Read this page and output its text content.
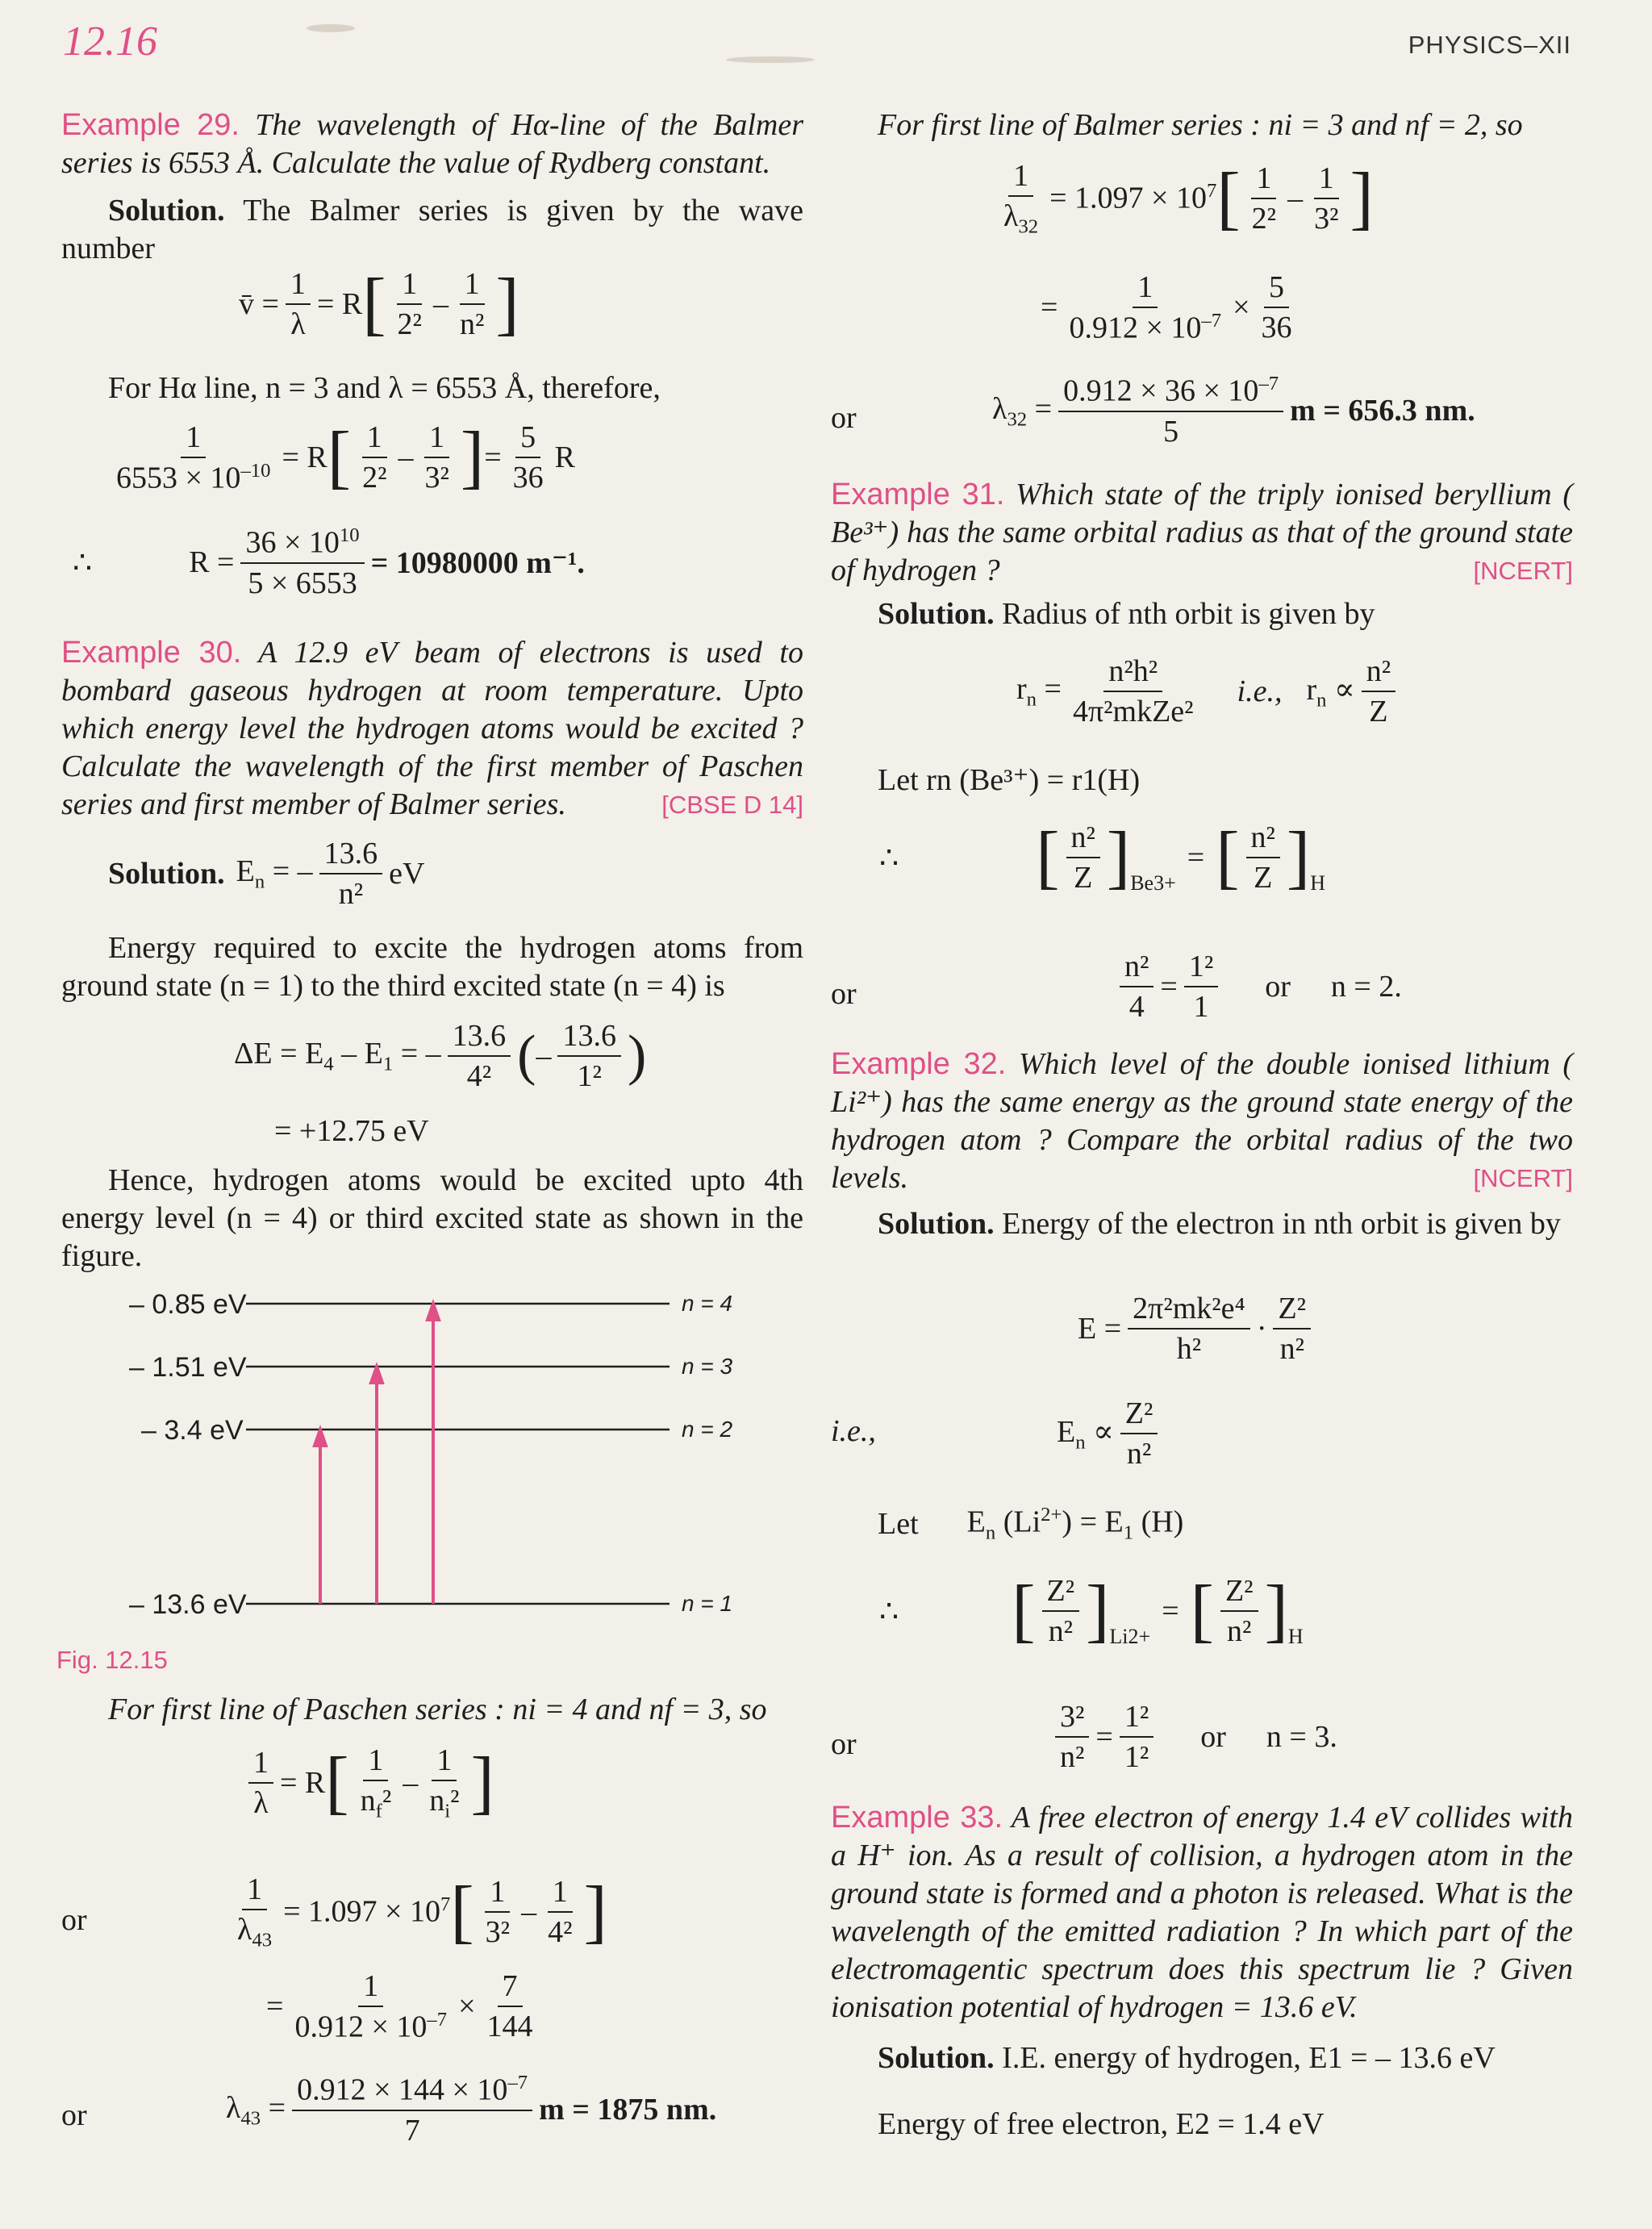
12.16	PHYSICS–XII
Example 29. The wavelength of Hα-line of the Balmer series is 6553 Å. Calculate the value of Rydberg constant.
Solution. The Balmer series is given by the wave number
v̄ = $\frac{1}{\lambda} = R$ [ $\frac{1}{\text{2²}} - \frac{1}{\text{n²}}$ ]
For Hα line, n = 3 and λ = 6553 Å, therefore,
$\frac{1}{6553 \times 10^{-10}} = R$ [ $\frac{1}{\text{2²}} - \frac{1}{\text{3²}}$ ] = $\frac{5}{36}$ R
∴	$R = \frac{36 \times 10^{10}}{5 \times 6553} = 10980000$ m⁻¹.
Example 30. A 12.9 eV beam of electrons is used to bombard gaseous hydrogen at room temperature. Upto which energy level the hydrogen atoms would be excited ? Calculate the wavelength of the first member of Paschen series and first member of Balmer series.	[CBSE D 14]
Solution. $E_n$ = – $\frac{13.6}{\text{n²}}$ eV
Energy required to excite the hydrogen atoms from ground state (n = 1) to the third excited state (n = 4) is
$\Delta E = E_4 - E_1$ = – $\frac{13.6}{\text{4²}}$ ( – $\frac{13.6}{\text{1²}}$ )
= +12.75 eV
Hence, hydrogen atoms would be excited upto 4th energy level (n = 4) or third excited state as shown in the figure.
– 0.85 eV
– 1.51 eV
– 3.4 eV
– 13.6 eV
n = 4
n = 3
n = 2
n = 1
Fig. 12.15
For first line of Paschen series : ni = 4 and nf = 3, so
$\frac{1}{\lambda} = R$ [ $\frac{1}{n_f^2} - \frac{1}{n_i^2}$ ]
or	$\frac{1}{\lambda_{43}} = 1.097 \times 10^7$ [ $\frac{1}{\text{3²}} - \frac{1}{\text{4²}}$ ]
= $\frac{1}{0.912 \times 10^{-7}} \times \frac{7}{144}$
or	$\lambda_{43} = \frac{0.912 \times 144 \times 10^{-7}}{7}$ m = 1875 nm.
For first line of Balmer series : ni = 3 and nf = 2, so
$\frac{1}{\lambda_{32}} = 1.097 \times 10^7$ [ $\frac{1}{\text{2²}} - \frac{1}{\text{3²}}$ ]
= $\frac{1}{0.912 \times 10^{-7}} \times \frac{5}{36}$
or	$\lambda_{32} = \frac{0.912 \times 36 \times 10^{-7}}{5}$ m = 656.3 nm.
Example 31. Which state of the triply ionised beryllium ( Be³⁺) has the same orbital radius as that of the ground state of hydrogen ?	[NCERT]
Solution. Radius of nth orbit is given by
$r_n = \frac{\text{n²h²}}{\text{4π²mkZe²}} i.e$., $r_n \propto \frac{\text{n²}}{Z}$
Let rn (Be³⁺) = r1(H)
∴ [ $\frac{\text{n²}}{Z}$ ] Be3+
= [ $\frac{\text{n²}}{Z}$ ] H
or	$\frac{\text{n²}}{4} = \frac{\text{1²}}{1}$ or n = 2.
Example 32. Which level of the double ionised lithium ( Li²⁺) has the same energy as the ground state energy of the hydrogen atom ? Compare the orbital radius of the two levels.	[NCERT]
Solution. Energy of the electron in nth orbit is given by
$E = \frac{\text{2π²mk²e⁴}}{\text{h²}} \cdot \frac{\text{Z²}}{\text{n²}}$
i.e.,	$E_n \propto \frac{\text{Z²}}{\text{n²}}$
Let $E_n$ $(Li^{2+}) = E_1$ (H)
∴ [ $\frac{\text{Z²}}{\text{n²}}$ ] Li2+
= [ $\frac{\text{Z²}}{\text{n²}}$ ] H
or	$\frac{\text{3²}}{\text{n²}} = \frac{\text{1²}}{\text{1²}}$ or n = 3.
Example 33. A free electron of energy 1.4 eV collides with a H⁺ ion. As a result of collision, a hydrogen atom in the ground state is formed and a photon is released. What is the wavelength of the emitted radiation ? In which part of the electromagentic spectrum does this spectrum lie ? Given ionisation potential of hydrogen = 13.6 eV.
Solution. I.E. energy of hydrogen, E1 = – 13.6 eV
Energy of free electron, E2 = 1.4 eV
